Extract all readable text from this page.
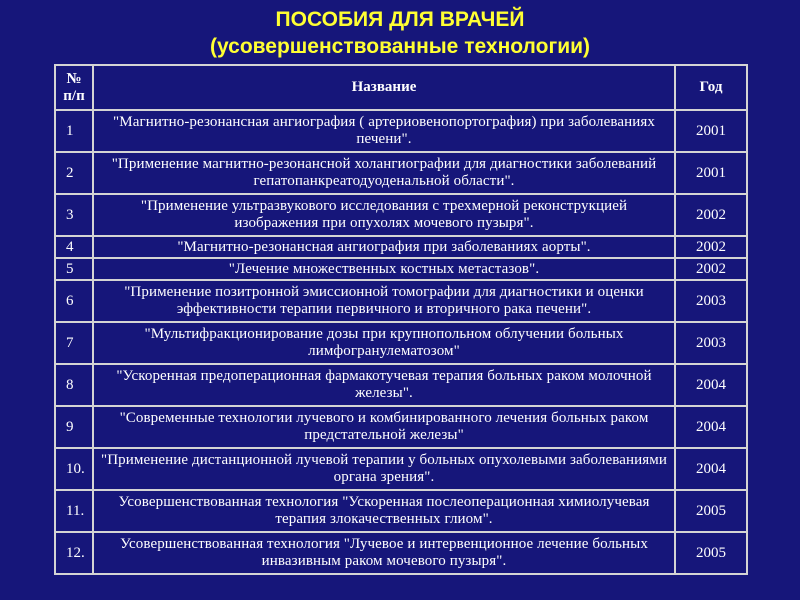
ПОСОБИЯ ДЛЯ ВРАЧЕЙ
(усовершенствованные технологии)
№ п/п	Название	Год
1	"Магнитно-резонансная ангиография ( артериовенопортография) при заболеваниях печени".	2001
2	"Применение магнитно-резонансной холангиографии для диагностики заболеваний гепатопанкреатодуоденальной области".	2001
3	"Применение ультразвукового исследования с трехмерной реконструкцией изображения при опухолях мочевого пузыря".	2002
4	"Магнитно-резонансная ангиография при заболеваниях аорты".	2002
5	"Лечение множественных костных метастазов".	2002
6	"Применение позитронной эмиссионной томографии для диагностики и оценки эффективности терапии первичного и вторичного рака печени".	2003
7	"Мультифракционирование дозы при крупнопольном облучении больных лимфогранулематозом"	2003
8	"Ускоренная предоперационная фармакотучевая терапия больных раком молочной железы".	2004
9	"Современные технологии лучевого и комбинированного лечения больных раком предстательной железы"	2004
10.	"Применение дистанционной лучевой терапии у больных опухолевыми заболеваниями органа зрения".	2004
11.	Усовершенствованная технология "Ускоренная послеоперационная химиолучевая терапия злокачественных глиом".	2005
12.	Усовершенствованная технология "Лучевое и интервенционное лечение больных инвазивным раком мочевого пузыря".	2005
